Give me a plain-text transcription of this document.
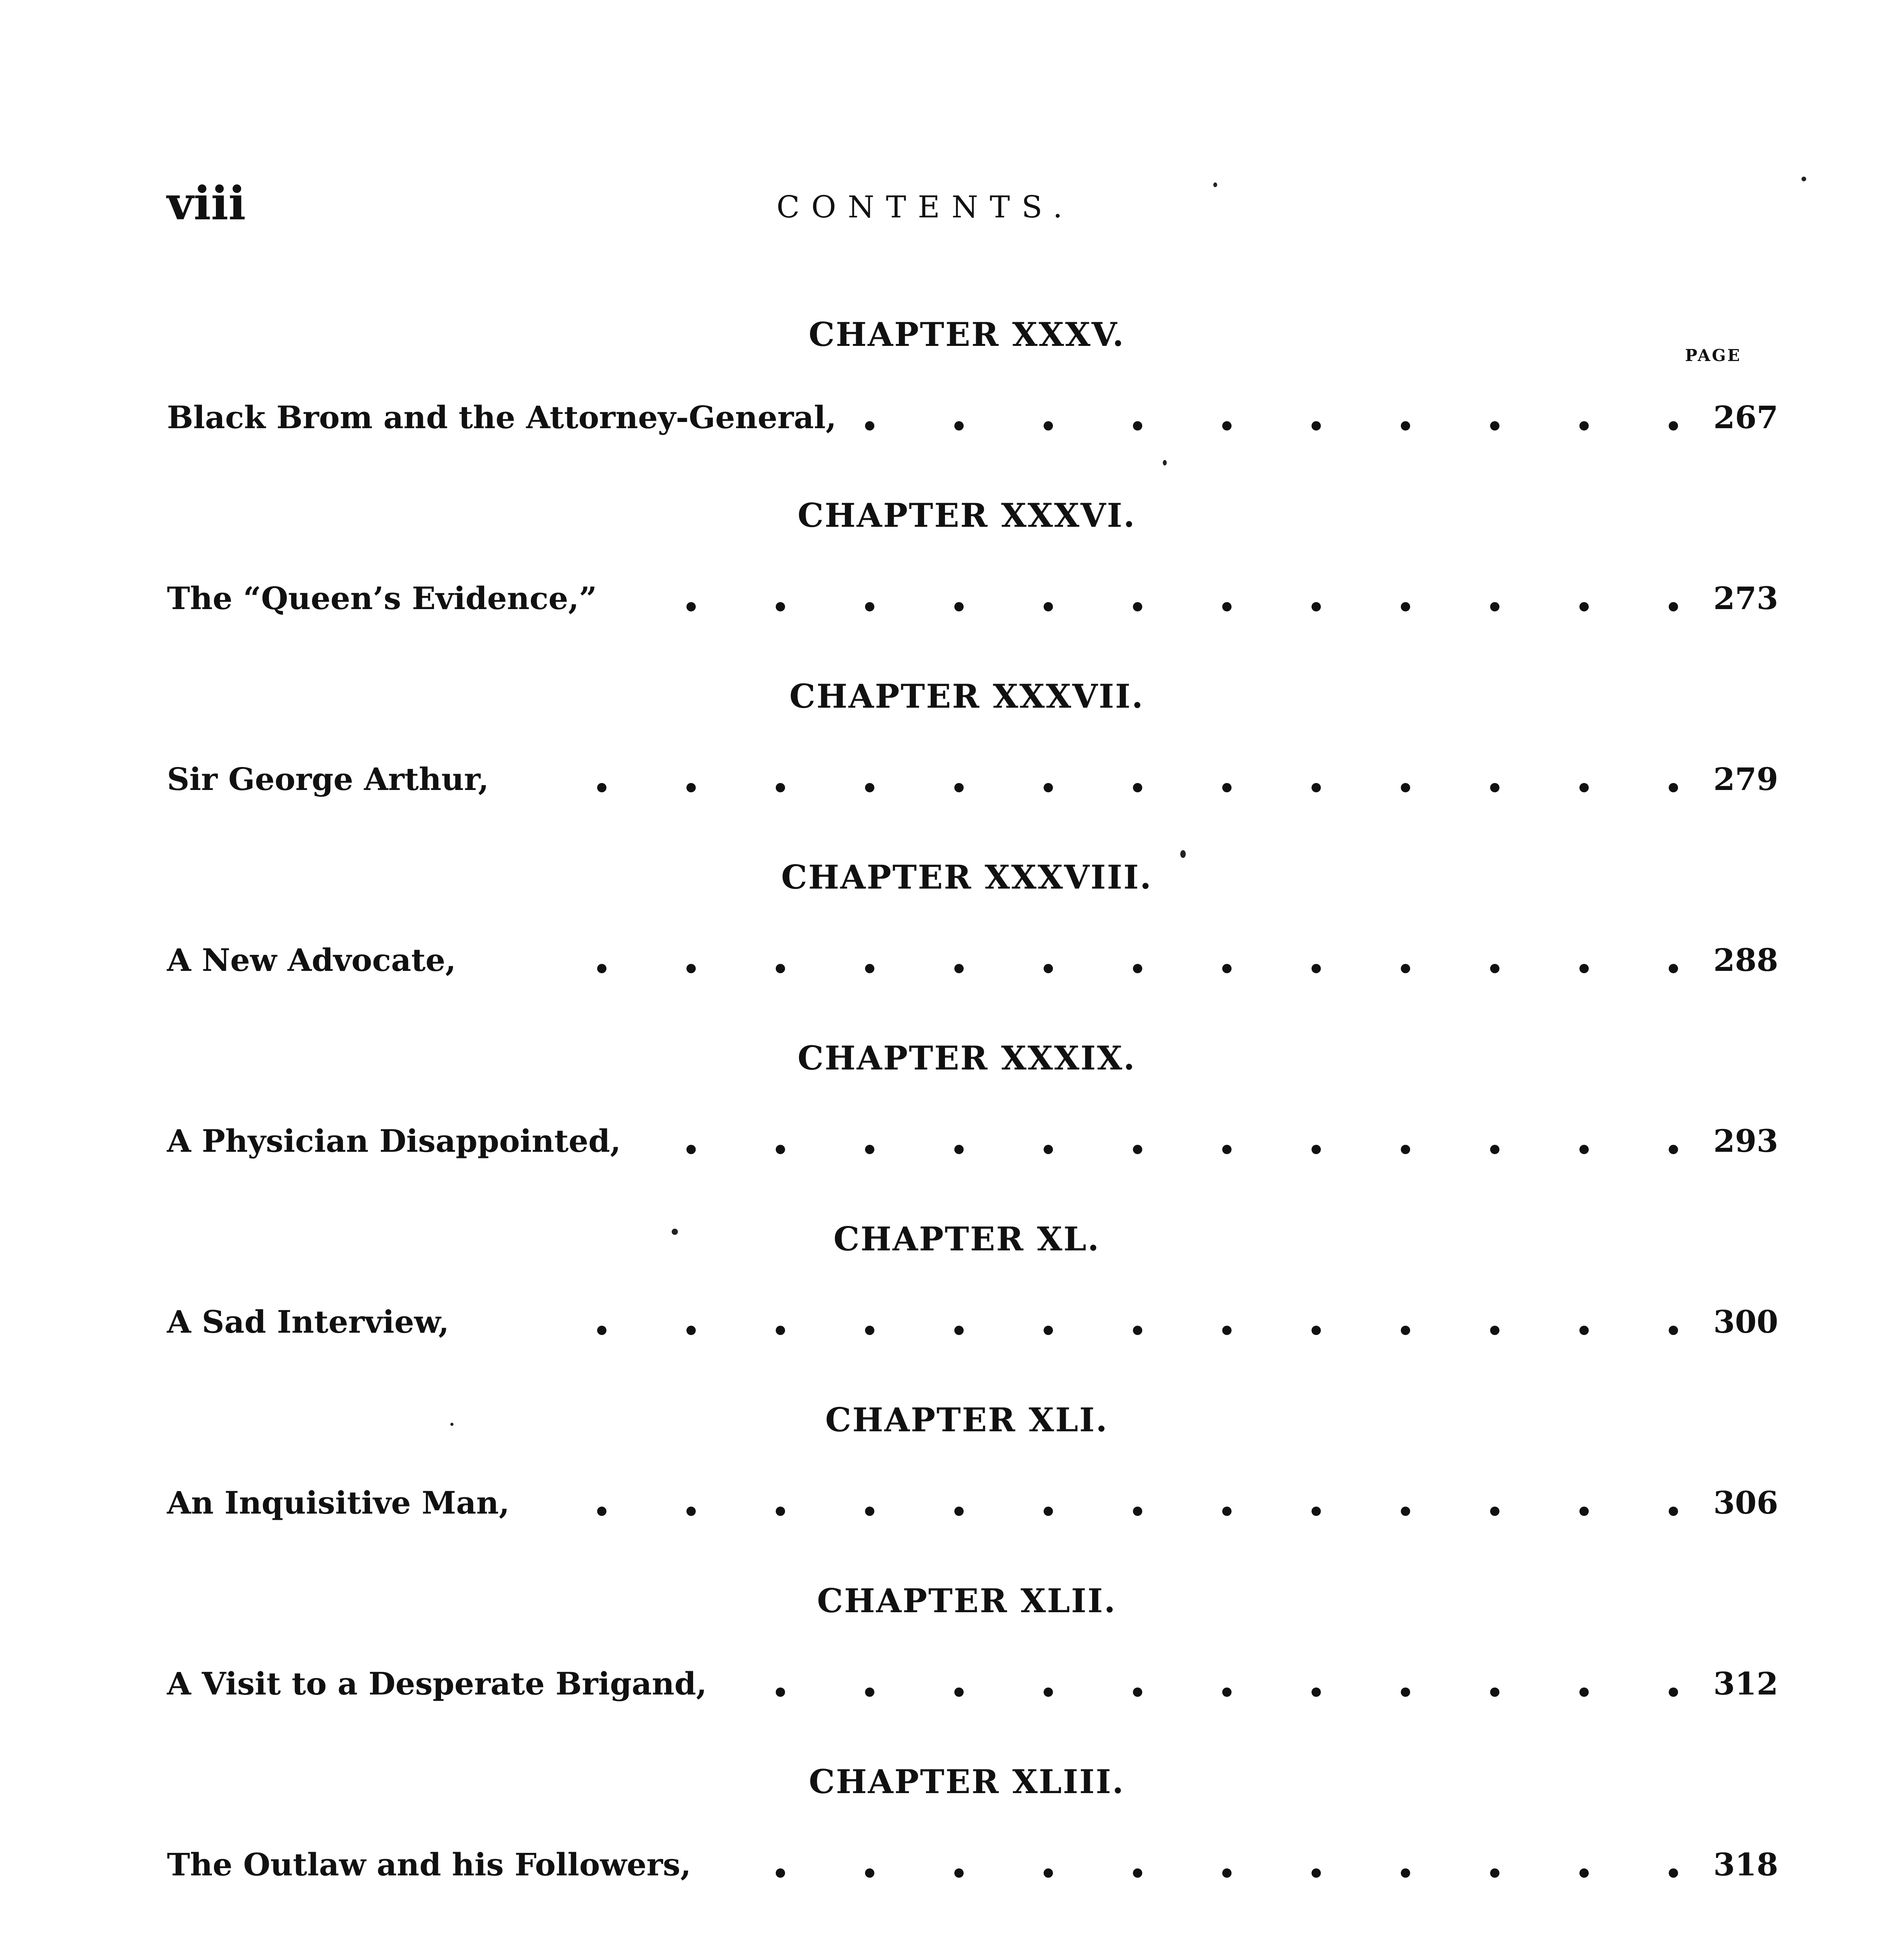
viii	CONTENTS.
PAGE
CHAPTER XXXV.
Black Brom and the Attorney-General,	267
CHAPTER XXXVI.
The “Queen’s Evidence,”	273
CHAPTER XXXVII.
Sir George Arthur,	279
CHAPTER XXXVIII.
A New Advocate,	288
CHAPTER XXXIX.
A Physician Disappointed,	293
CHAPTER XL.
A Sad Interview,	300
CHAPTER XLI.
An Inquisitive Man,	306
CHAPTER XLII.
A Visit to a Desperate Brigand,	312
CHAPTER XLIII.
The Outlaw and his Followers,	318
